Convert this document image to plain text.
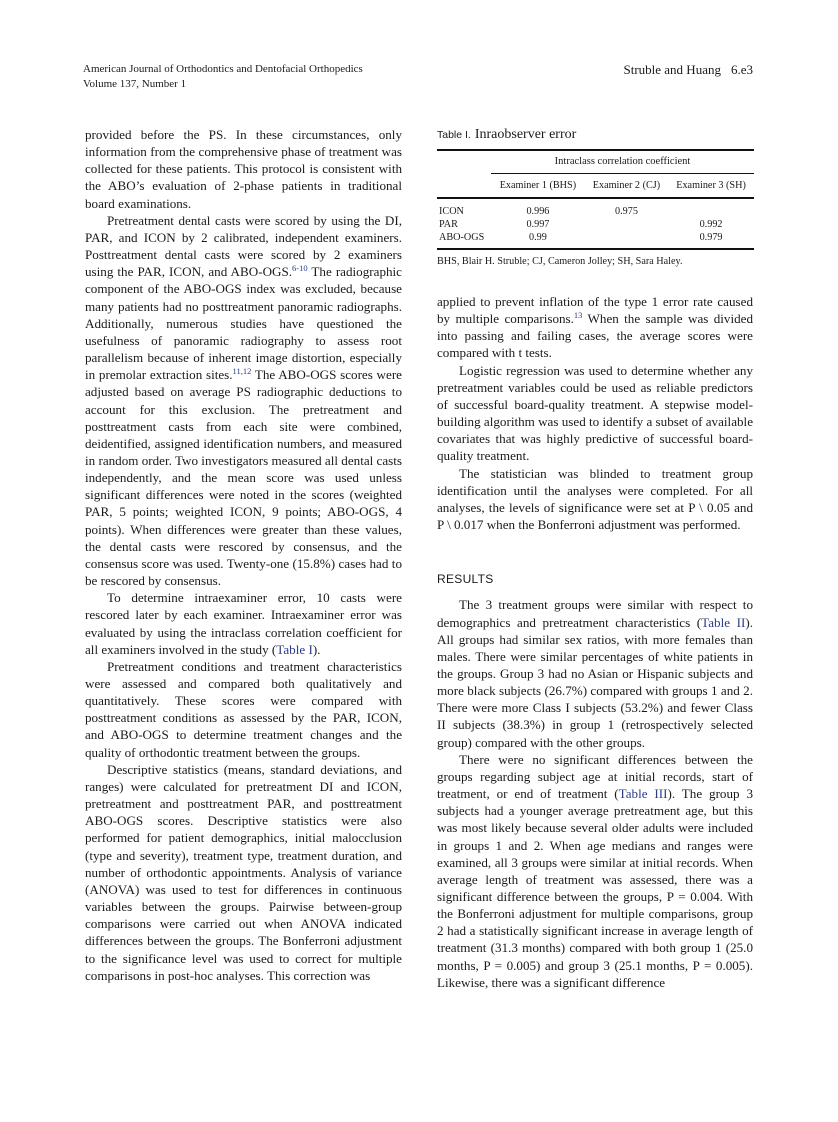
American Journal of Orthodontics and Dentofacial Orthopedics
Volume 137, Number 1
Struble and Huang 6.e3

provided before the PS. In these circumstances, only information from the comprehensive phase of treatment was collected for these patients. This protocol is consistent with the ABO’s evaluation of 2-phase patients in traditional board examinations.

Pretreatment dental casts were scored by using the DI, PAR, and ICON by 2 calibrated, independent examiners. Posttreatment dental casts were scored by 2 examiners using the PAR, ICON, and ABO-OGS.$^{6-10}$ The radiographic component of the ABO-OGS index was excluded, because many patients had no posttreatment panoramic radiographs. Additionally, numerous studies have questioned the usefulness of panoramic radiography to assess root parallelism because of inherent image distortion, especially in premolar extraction sites.$^{11,12}$ The ABO-OGS scores were adjusted based on average PS radiographic deductions to account for this exclusion. The pretreatment and posttreatment casts from each site were combined, deidentified, assigned identification numbers, and measured in random order. Two investigators measured all dental casts independently, and the mean score was used unless significant differences were noted in the scores (weighted PAR, 5 points; weighted ICON, 9 points; ABO-OGS, 4 points). When differences were greater than these values, the dental casts were rescored by consensus, and the consensus score was used. Twenty-one (15.8%) cases had to be rescored by consensus.

To determine intraexaminer error, 10 casts were rescored later by each examiner. Intraexaminer error was evaluated by using the intraclass correlation coefficient for all examiners involved in the study (Table I).

Pretreatment conditions and treatment characteristics were assessed and compared both qualitatively and quantitatively. These scores were compared with posttreatment conditions as assessed by the PAR, ICON, and ABO-OGS to determine treatment changes and the quality of orthodontic treatment between the groups.

Descriptive statistics (means, standard deviations, and ranges) were calculated for pretreatment DI and ICON, pretreatment and posttreatment PAR, and posttreatment ABO-OGS scores. Descriptive statistics were also performed for patient demographics, initial malocclusion (type and severity), treatment type, treatment duration, and number of orthodontic appointments. Analysis of variance (ANOVA) was used to test for differences in continuous variables between the groups. Pairwise between-group comparisons were carried out when ANOVA indicated differences between the groups. The Bonferroni adjustment to the significance level was used to correct for multiple comparisons in post-hoc analyses. This correction was

Table I. Inraobserver error
	Intraclass correlation coefficient		
	Examiner 1 (BHS)	Examiner 2 (CJ)	Examiner 3 (SH)
ICON	0.996	0.975	
PAR	0.997		0.992
ABO-OGS	0.99		0.979
BHS, Blair H. Struble; CJ, Cameron Jolley; SH, Sara Haley.

applied to prevent inflation of the type 1 error rate caused by multiple comparisons.$^{13}$ When the sample was divided into passing and failing cases, the average scores were compared with t tests.

Logistic regression was used to determine whether any pretreatment variables could be used as reliable predictors of successful board-quality treatment. A stepwise model-building algorithm was used to identify a subset of available covariates that was highly predictive of successful board-quality treatment.

The statistician was blinded to treatment group identification until the analyses were completed. For all analyses, the levels of significance were set at P \ 0.05 and P \ 0.017 when the Bonferroni adjustment was performed.

RESULTS

The 3 treatment groups were similar with respect to demographics and pretreatment characteristics (Table II). All groups had similar sex ratios, with more females than males. There were similar percentages of white patients in the groups. Group 3 had no Asian or Hispanic subjects and more black subjects (26.7%) compared with groups 1 and 2. There were more Class I subjects (53.2%) and fewer Class II subjects (38.3%) in group 1 (retrospectively selected group) compared with the other groups.

There were no significant differences between the groups regarding subject age at initial records, start of treatment, or end of treatment (Table III). The group 3 subjects had a younger average pretreatment age, but this was most likely because several older adults were included in groups 1 and 2. When age medians and ranges were examined, all 3 groups were similar at initial records. When average length of treatment was assessed, there was a significant difference between the groups, P = 0.004. With the Bonferroni adjustment for multiple comparisons, group 2 had a statistically significant increase in average length of treatment (31.3 months) compared with both group 1 (25.0 months, P = 0.005) and group 3 (25.1 months, P = 0.005). Likewise, there was a significant difference
